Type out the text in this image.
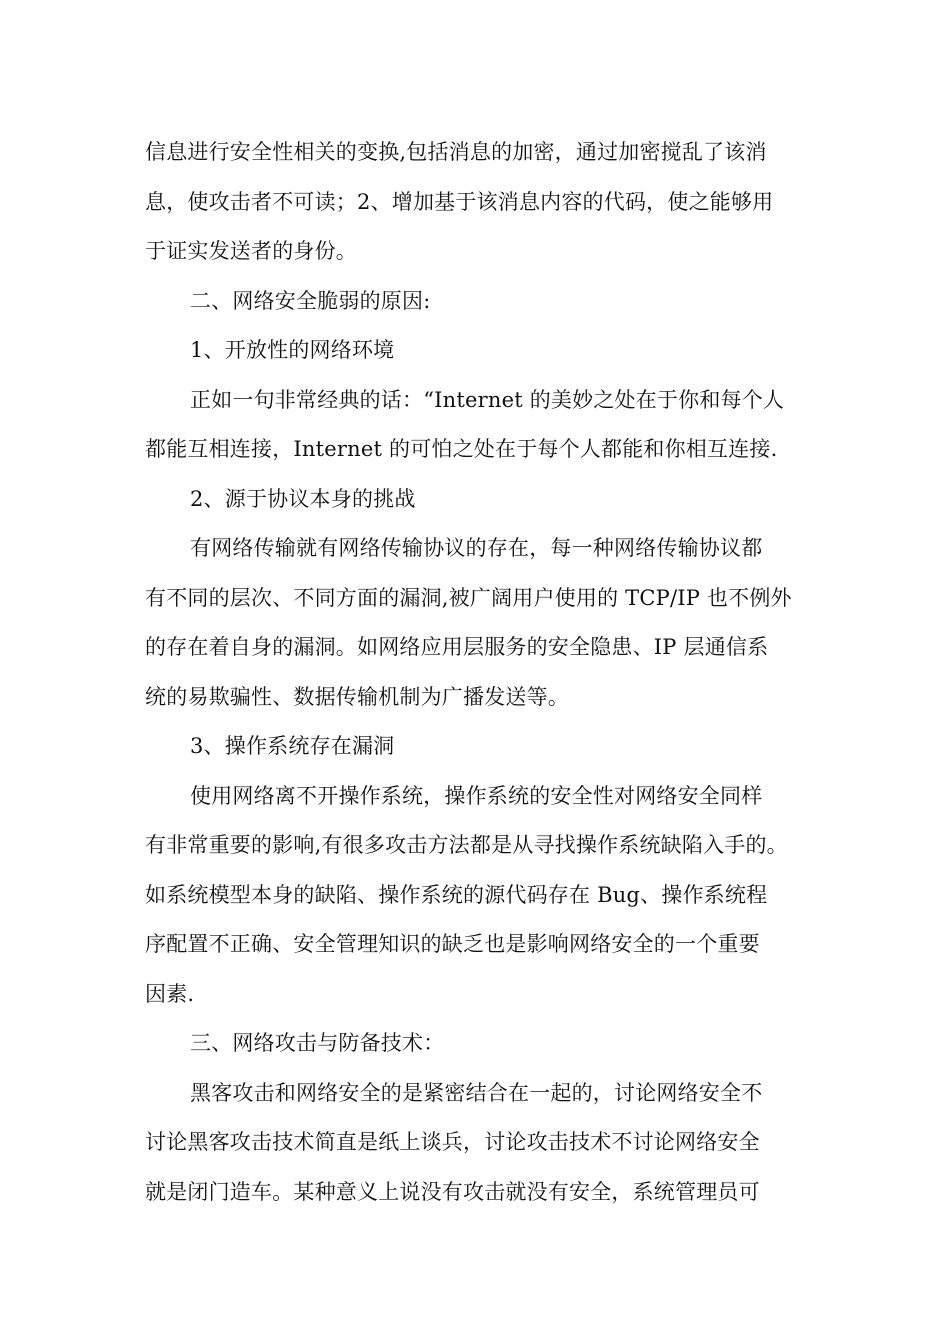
信息进行安全性相关的变换,包括消息的加密，通过加密搅乱了该消
息，使攻击者不可读；2、增加基于该消息内容的代码，使之能够用
于证实发送者的身份。
二、网络安全脆弱的原因:
1、开放性的网络环境
正如一句非常经典的话：“Internet 的美妙之处在于你和每个人
都能互相连接，Internet 的可怕之处在于每个人都能和你相互连接.
2、源于协议本身的挑战
有网络传输就有网络传输协议的存在，每一种网络传输协议都
有不同的层次、不同方面的漏洞,被广阔用户使用的 TCP/IP 也不例外
的存在着自身的漏洞。如网络应用层服务的安全隐患、IP 层通信系
统的易欺骗性、数据传输机制为广播发送等。
3、操作系统存在漏洞
使用网络离不开操作系统，操作系统的安全性对网络安全同样
有非常重要的影响,有很多攻击方法都是从寻找操作系统缺陷入手的。
如系统模型本身的缺陷、操作系统的源代码存在 Bug、操作系统程
序配置不正确、安全管理知识的缺乏也是影响网络安全的一个重要
因素.
三、网络攻击与防备技术：
黑客攻击和网络安全的是紧密结合在一起的，讨论网络安全不
讨论黑客攻击技术简直是纸上谈兵，讨论攻击技术不讨论网络安全
就是闭门造车。某种意义上说没有攻击就没有安全，系统管理员可
